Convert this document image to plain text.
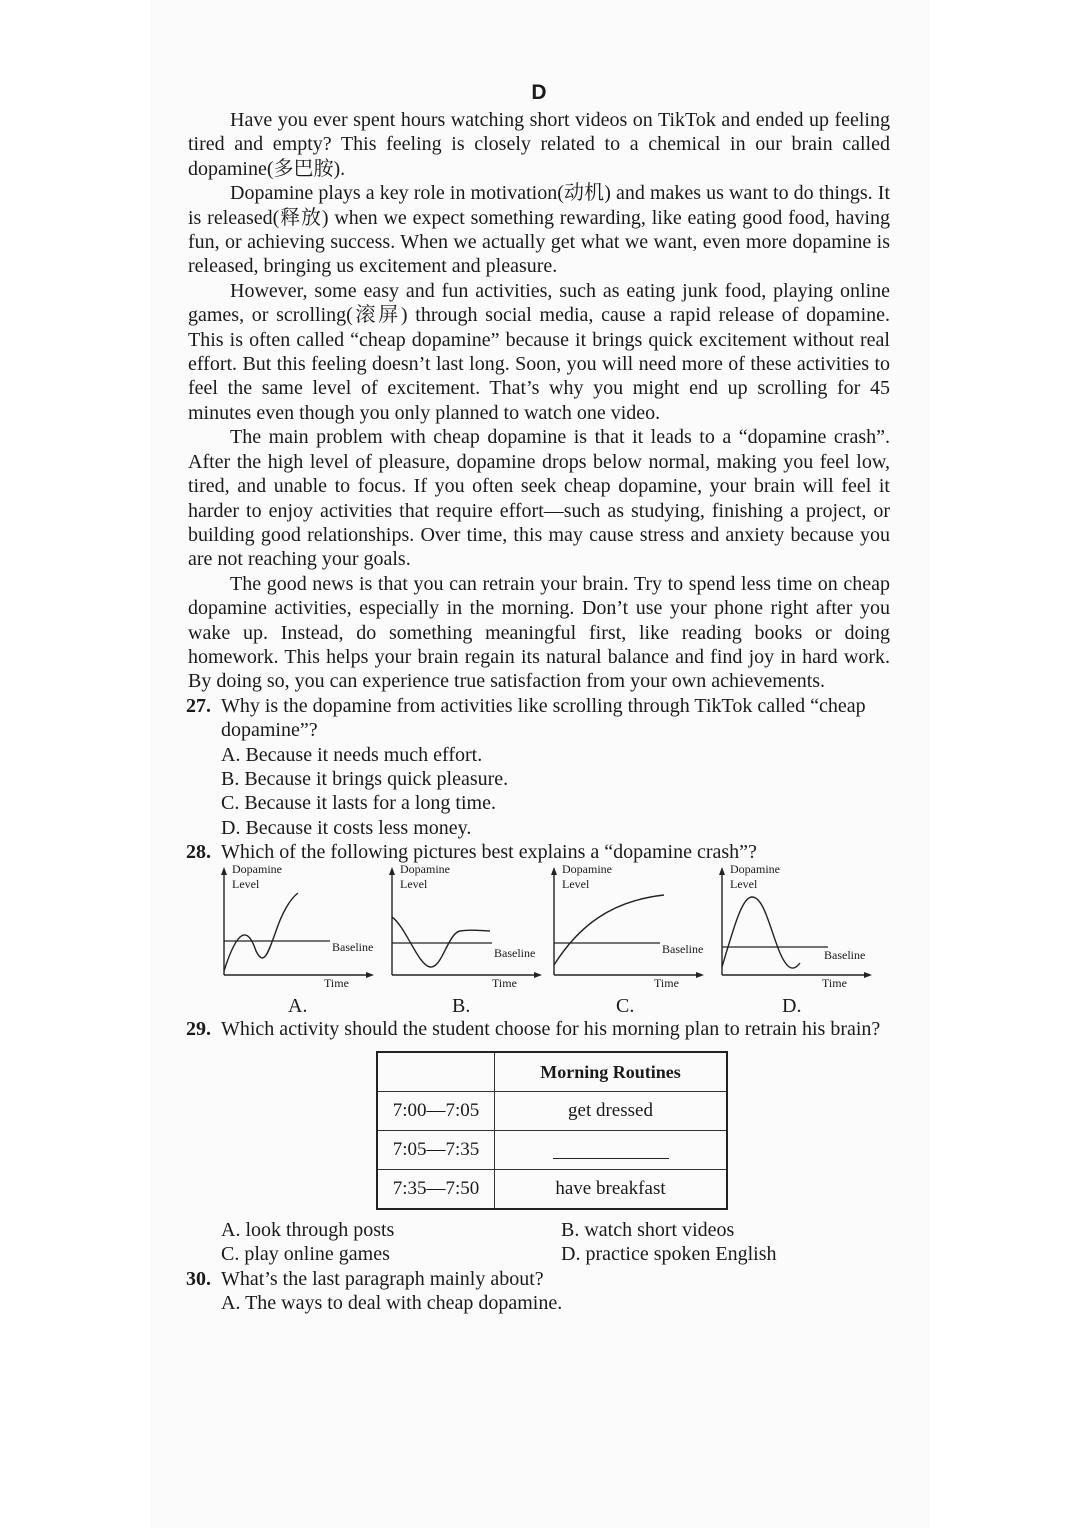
D

Have you ever spent hours watching short videos on TikTok and ended up feeling tired and empty? This feeling is closely related to a chemical in our brain called dopamine(多巴胺).

Dopamine plays a key role in motivation(动机) and makes us want to do things. It is released(释放) when we expect something rewarding, like eating good food, having fun, or achieving success. When we actually get what we want, even more dopamine is released, bringing us excitement and pleasure.

However, some easy and fun activities, such as eating junk food, playing online games, or scrolling(滚屏) through social media, cause a rapid release of dopamine. This is often called “cheap dopamine” because it brings quick excitement without real effort. But this feeling doesn’t last long. Soon, you will need more of these activities to feel the same level of excitement. That’s why you might end up scrolling for 45 minutes even though you only planned to watch one video.

The main problem with cheap dopamine is that it leads to a “dopamine crash”. After the high level of pleasure, dopamine drops below normal, making you feel low, tired, and unable to focus. If you often seek cheap dopamine, your brain will feel it harder to enjoy activities that require effort—such as studying, finishing a project, or building good relationships. Over time, this may cause stress and anxiety because you are not reaching your goals.

The good news is that you can retrain your brain. Try to spend less time on cheap dopamine activities, especially in the morning. Don’t use your phone right after you wake up. Instead, do something meaningful first, like reading books or doing homework. This helps your brain regain its natural balance and find joy in hard work. By doing so, you can experience true satisfaction from your own achievements.

27. Why is the dopamine from activities like scrolling through TikTok called “cheap dopamine”?
A. Because it needs much effort.
B. Because it brings quick pleasure.
C. Because it lasts for a long time.
D. Because it costs less money.
28. Which of the following pictures best explains a “dopamine crash”?
Dopamine
Level
Baseline
Time
A.
Dopamine
Level
Baseline
Time
B.
Dopamine
Level
Baseline
Time
C.
Dopamine
Level
Baseline
Time
D.
29. Which activity should the student choose for his morning plan to retrain his brain?
	Morning Routines
7:00—7:05	get dressed
7:05—7:35	
7:35—7:50	have breakfast
A. look through posts	B. watch short videos
C. play online games	D. practice spoken English
30. What’s the last paragraph mainly about?
A. The ways to deal with cheap dopamine.
